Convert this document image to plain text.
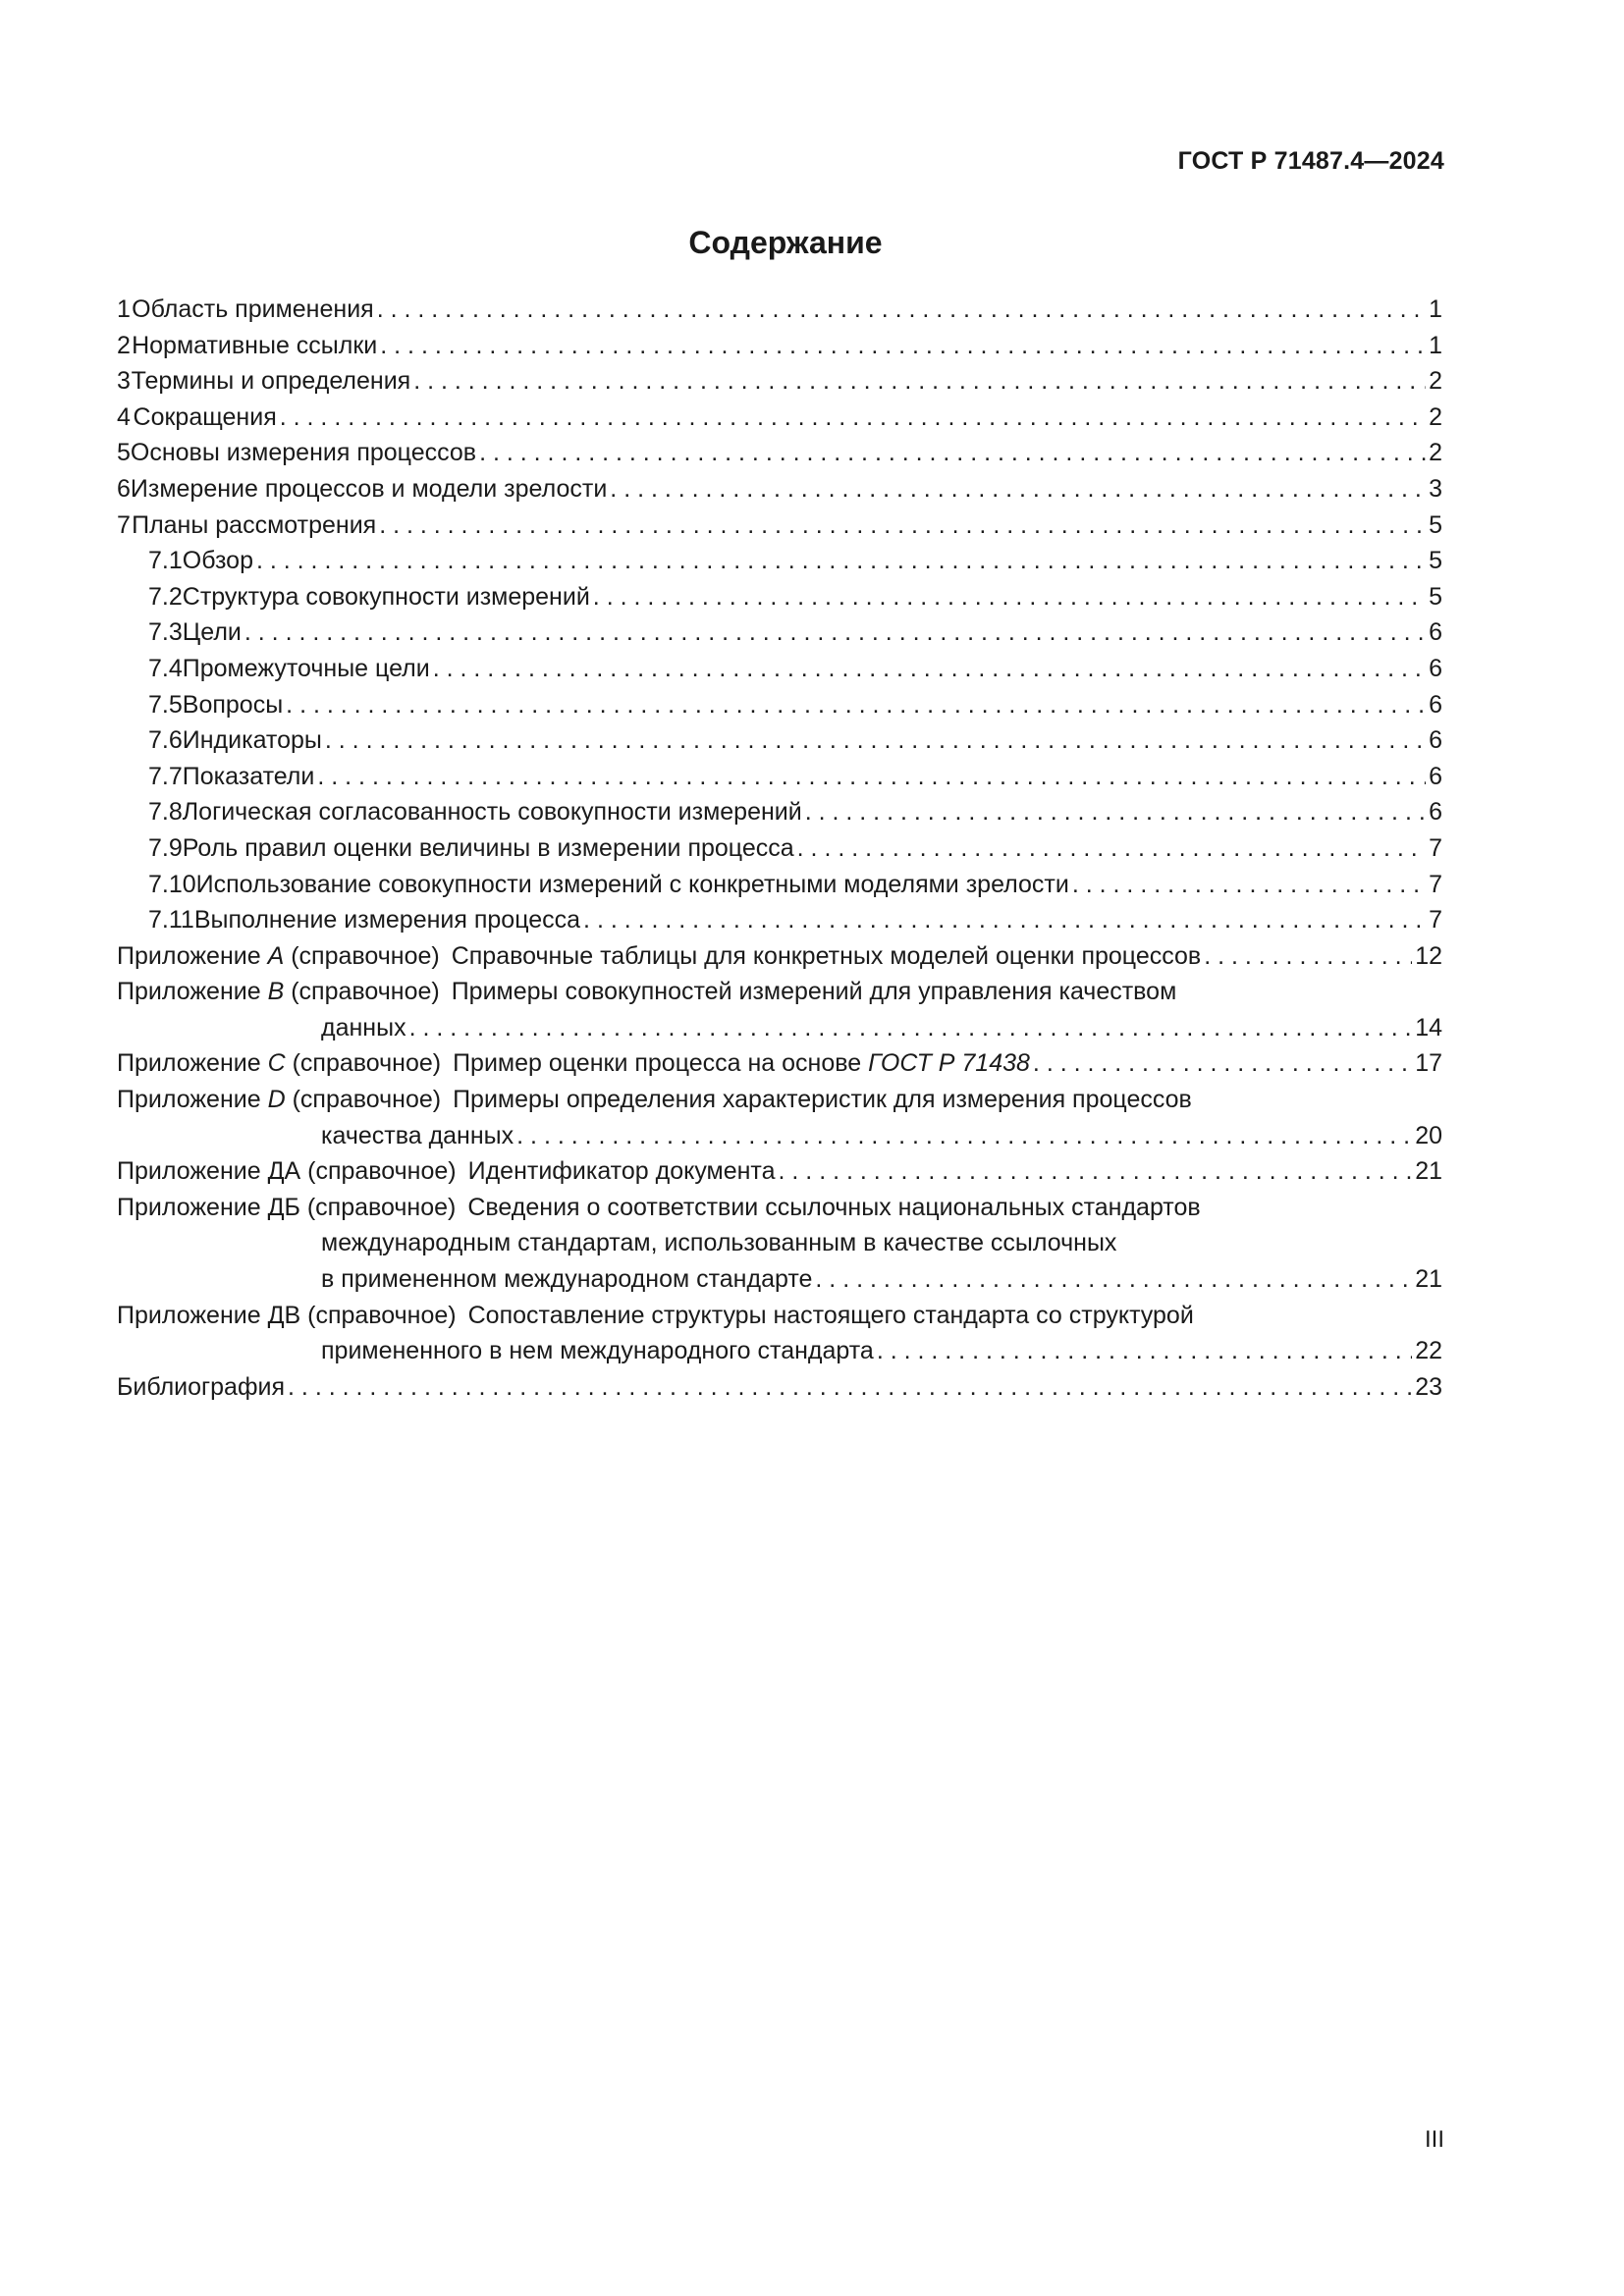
ГОСТ Р 71487.4—2024
Содержание
1 Область применения . . .	1
2 Нормативные ссылки . . .	1
3 Термины и определения . . .	2
4 Сокращения . . .	2
5 Основы измерения процессов . . .	2
6 Измерение процессов и модели зрелости . . .	3
7 Планы рассмотрения . . .	5
7.1 Обзор . . .	5
7.2 Структура совокупности измерений . . .	5
7.3 Цели . . .	6
7.4 Промежуточные цели . . .	6
7.5 Вопросы . . .	6
7.6 Индикаторы . . .	6
7.7 Показатели . . .	6
7.8 Логическая согласованность совокупности измерений . . .	6
7.9 Роль правил оценки величины в измерении процесса . . .	7
7.10 Использование совокупности измерений с конкретными моделями зрелости . . .	7
7.11 Выполнение измерения процесса . . .	7
Приложение А (справочное) Справочные таблицы для конкретных моделей оценки процессов . . .	12
Приложение В (справочное) Примеры совокупностей измерений для управления качеством
данных . . .	14
Приложение С (справочное) Пример оценки процесса на основе ГОСТ Р 71438 . . .	17
Приложение D (справочное) Примеры определения характеристик для измерения процессов
качества данных . . .	20
Приложение ДА (справочное) Идентификатор документа . . .	21
Приложение ДБ (справочное) Сведения о соответствии ссылочных национальных стандартов
международным стандартам, использованным в качестве ссылочных
в примененном международном стандарте . . .	21
Приложение ДВ (справочное) Сопоставление структуры настоящего стандарта со структурой
примененного в нем международного стандарта . . .	22
Библиография . . .	23
III
